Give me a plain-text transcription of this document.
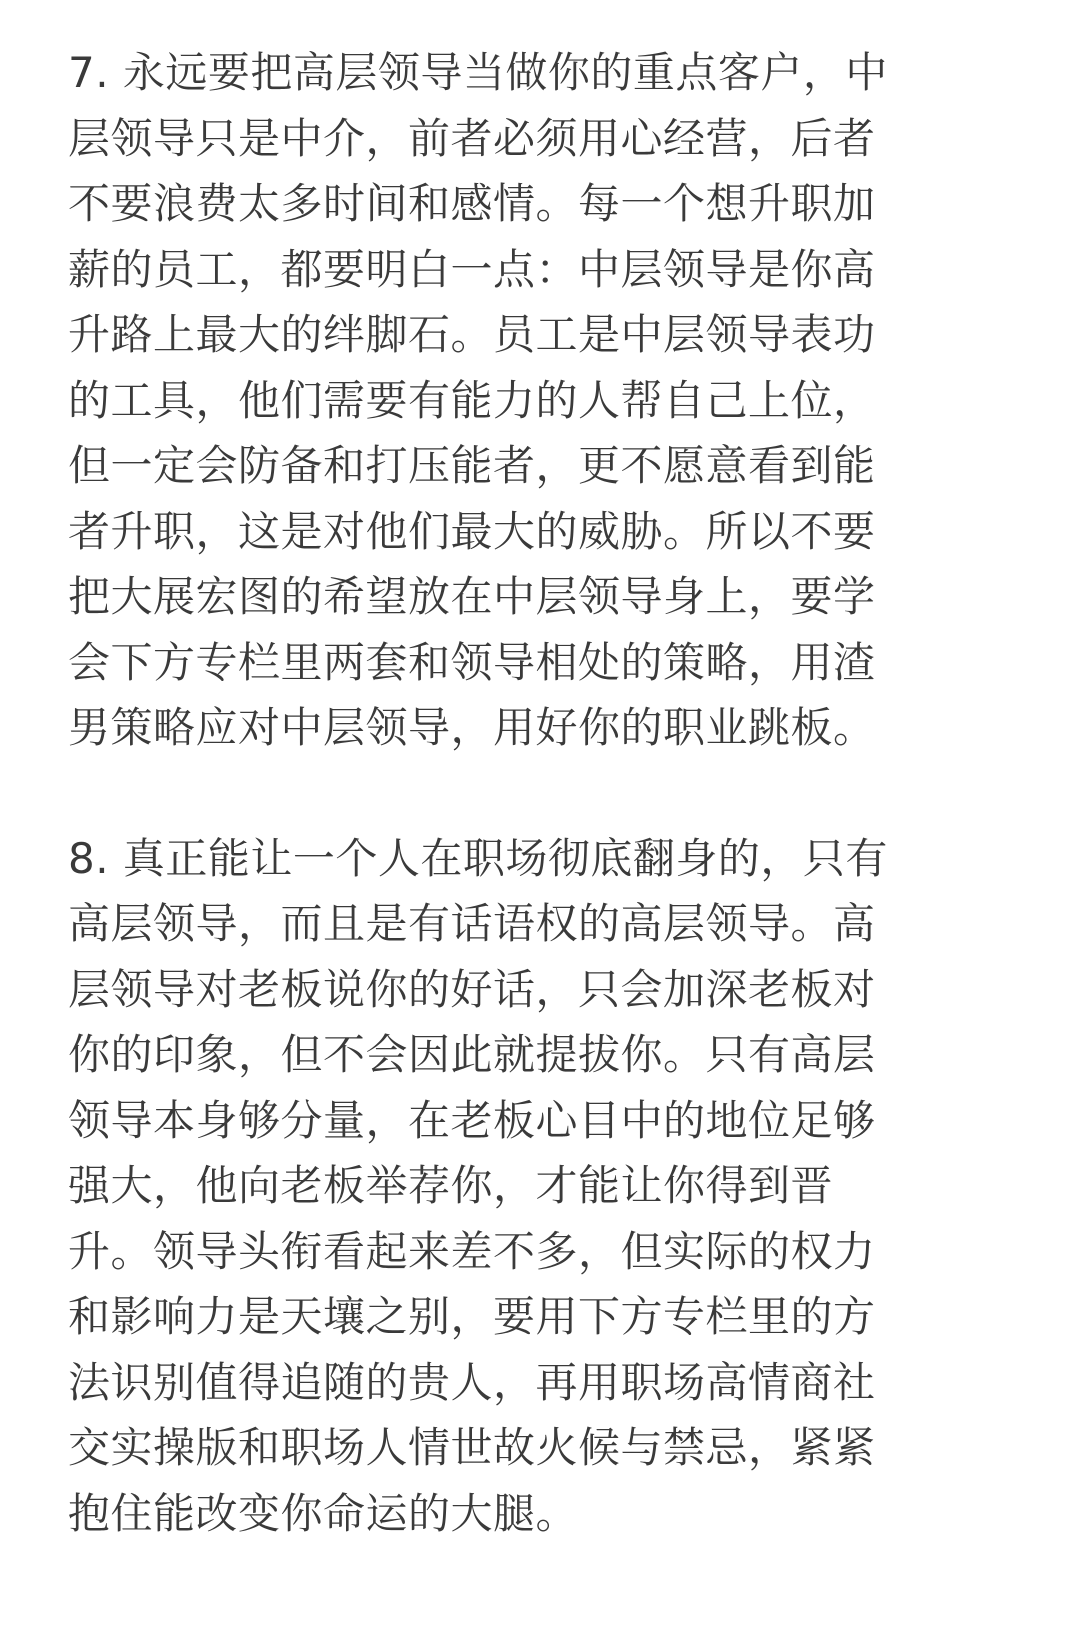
7. 永远要把高层领导当做你的重点客户，中
层领导只是中介，前者必须用心经营，后者
不要浪费太多时间和感情。每一个想升职加
薪的员工，都要明白一点：中层领导是你高
升路上最大的绊脚石。员工是中层领导表功
的工具，他们需要有能力的人帮自己上位，
但一定会防备和打压能者，更不愿意看到能
者升职，这是对他们最大的威胁。所以不要
把大展宏图的希望放在中层领导身上，要学
会下方专栏里两套和领导相处的策略，用渣
男策略应对中层领导，用好你的职业跳板。

8. 真正能让一个人在职场彻底翻身的，只有
高层领导，而且是有话语权的高层领导。高
层领导对老板说你的好话，只会加深老板对
你的印象，但不会因此就提拔你。只有高层
领导本身够分量，在老板心目中的地位足够
强大，他向老板举荐你，才能让你得到晋
升。领导头衔看起来差不多，但实际的权力
和影响力是天壤之别，要用下方专栏里的方
法识别值得追随的贵人，再用职场高情商社
交实操版和职场人情世故火候与禁忌，紧紧
抱住能改变你命运的大腿。
